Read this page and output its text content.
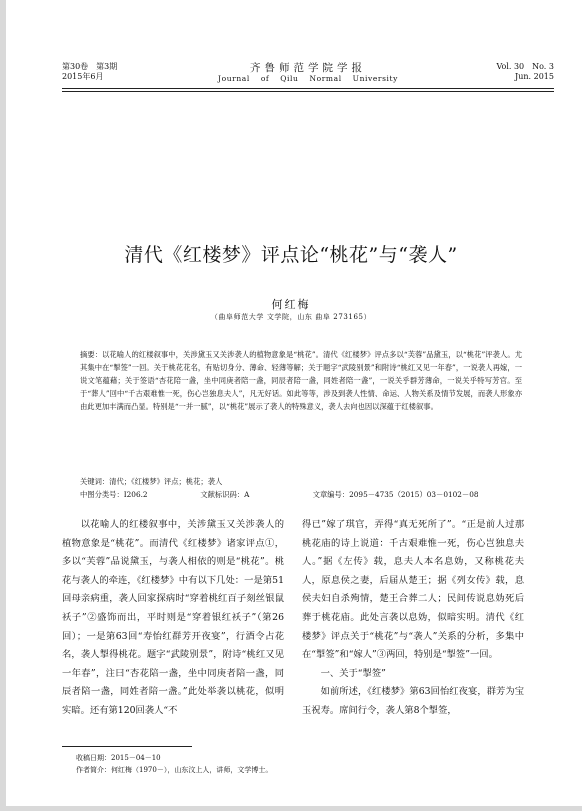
第30卷　第3期
2015年6月
齐鲁师范学院学报
Journal of Qilu Normal University
Vol. 30　No. 3
Jun. 2015
清代《红楼梦》评点论“桃花”与“袭人”
何红梅
（曲阜师范大学 文学院，山东 曲阜 273165）

摘要：以花喻人的红楼叙事中，关涉黛玉又关涉袭人的植物意象是“桃花”。清代《红楼梦》评点多以“芙蓉”品黛玉，以“桃花”评袭人。尤其集中在“掣签”一回。关于桃花花名，有贴切身分、薄命、轻薄等解；关于题字“武陵别景”和附诗“桃红又见一年春”，一说袭人再嫁，一说文笔蕴藉；关于签语“杏花陪一盏，坐中同庚者陪一盏，同辰者陪一盏，同姓者陪一盏”，一说关乎群芳薄命，一说关乎特写芳官。至于“葬人”回中“千古艰难惟一死，伤心岂独息夫人”，凡无好话。如此等等，涉及到袭人性情、命运、人物关系及情节发展，而袭人形象亦由此更加丰满而凸显。特别是“一并一腻”，以“桃花”展示了袭人的特殊意义，袭人去向也因以深蕴于红楼叙事。

关键词：清代；《红楼梦》评点；桃花；袭人
中图分类号：I206.2	文献标识码：A	文章编号：2095－4735（2015）03－0102－08

以花喻人的红楼叙事中，关涉黛玉又关涉袭人的植物意象是“桃花”。而清代《红楼梦》诸家评点①，多以“芙蓉”品说黛玉，与袭人相依的则是“桃花”。桃花与袭人的牵连，《红楼梦》中有以下几处：一是第51回母亲病重，袭人回家探病时“穿着桃红百子刻丝银鼠袄子”②盛饰而出，平时则是“穿着银红袄子”（第26回）；一是第63回“寿怡红群芳开夜宴”，行酒令占花名，袭人掣得桃花。题字“武陵别景”，附诗“桃红又见一年春”，注曰“杏花陪一盏，坐中同庚者陪一盏，同辰者陪一盏，同姓者陪一盏。”此处举袭以桃花，似明实暗。还有第120回袭人“不

得已”嫁了琪官，弄得“真无死所了”。“正是前人过那桃花庙的诗上说道：千古艰难惟一死，伤心岂独息夫人。”据《左传》载，息夫人本名息妫，又称桃花夫人，原息侯之妻，后届从楚王；据《列女传》载，息侯夫妇自杀殉情，楚王合葬二人；民间传说息妫死后葬于桃花庙。此处言袭以息妫，似暗实明。清代《红楼梦》评点关于“桃花”与“袭人”关系的分析，多集中在“掣签”和“嫁人”③两回，特别是“掣签”一回。

一、关于“掣签”

如前所述，《红楼梦》第63回怡红夜宴，群芳为宝玉祝寿。席间行令，袭人第8个掣签，

收稿日期：2015－04－10
作者简介：何红梅（1970－），山东汶上人，讲师，文学博士。
